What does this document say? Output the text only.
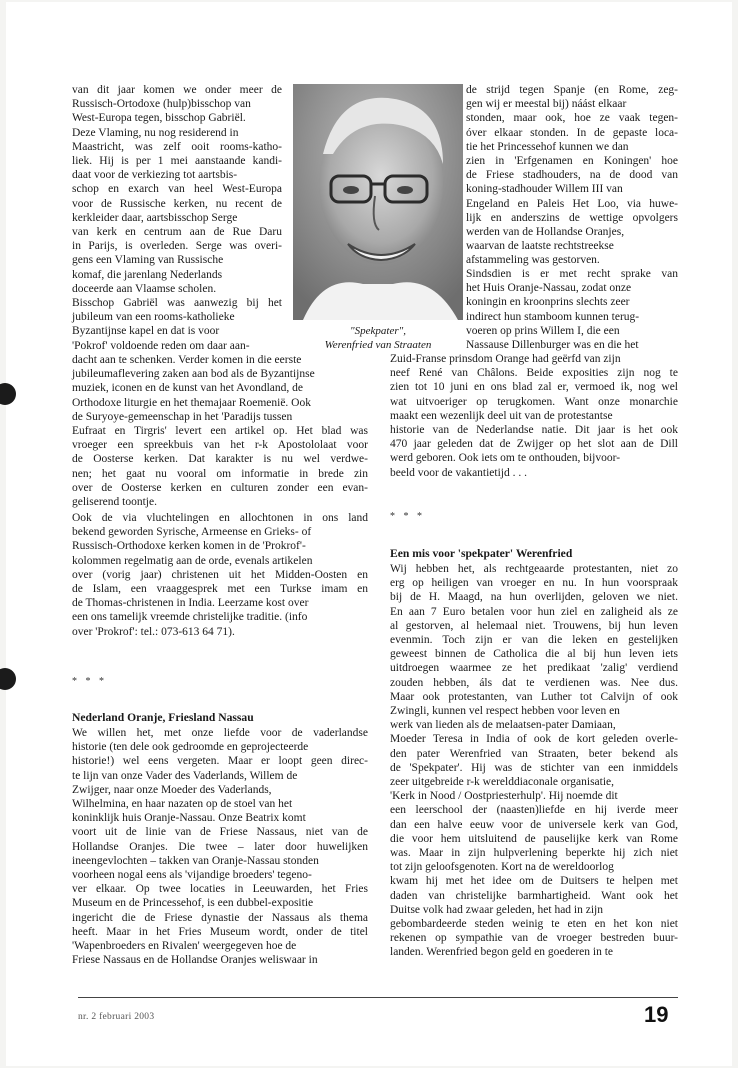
van dit jaar komen we onder meer de
Russisch-Ortodoxe (hulp)bisschop van
West-Europa tegen, bisschop Gabriël.
Deze Vlaming, nu nog residerend in
Maastricht, was zelf ooit rooms-katho-
liek. Hij is per 1 mei aanstaande kandi-
daat voor de verkiezing tot aartsbis-
schop en exarch van heel West-Europa
voor de Russische kerken, nu recent de
kerkleider daar, aartsbisschop Serge
van kerk en centrum aan de Rue Daru
in Parijs, is overleden. Serge was overi-
gens een Vlaming van Russische
komaf, die jarenlang Nederlands
doceerde aan Vlaamse scholen.
Bisschop Gabriël was aanwezig bij het
jubileum van een rooms-katholieke
Byzantijnse kapel en dat is voor
'Pokrof' voldoende reden om daar aan-
"Spekpater",
Werenfried van Straaten
dacht aan te schenken. Verder komen in die eerste
jubileumaflevering zaken aan bod als de Byzantijnse
muziek, iconen en de kunst van het Avondland, de
Orthodoxe liturgie en het themajaar Roemenië. Ook
de Suryoye-gemeenschap in het 'Paradijs tussen
Eufraat en Tirgris' levert een artikel op. Het blad was
vroeger een spreekbuis van het r-k Apostololaat voor
de Oosterse kerken. Dat karakter is nu wel verdwe-
nen; het gaat nu vooral om informatie in brede zin
over de Oosterse kerken en culturen zonder een evan-
geliserend toontje.
Ook de via vluchtelingen en allochtonen in ons land
bekend geworden Syrische, Armeense en Grieks- of
Russisch-Orthodoxe kerken komen in de 'Prokrof'-
kolommen regelmatig aan de orde, evenals artikelen
over (vorig jaar) christenen uit het Midden-Oosten en
de Islam, een vraaggesprek met een Turkse imam en
de Thomas-christenen in India. Leerzame kost over
een ons tamelijk vreemde christelijke traditie. (info
over 'Prokrof': tel.: 073-613 64 71).
* * *
Nederland Oranje, Friesland Nassau
We willen het, met onze liefde voor de vaderlandse
historie (ten dele ook gedroomde en geprojecteerde
historie!) wel eens vergeten. Maar er loopt geen direc-
te lijn van onze Vader des Vaderlands, Willem de
Zwijger, naar onze Moeder des Vaderlands,
Wilhelmina, en haar nazaten op de stoel van het
koninklijk huis Oranje-Nassau. Onze Beatrix komt
voort uit de linie van de Friese Nassaus, niet van de
Hollandse Oranjes. Die twee – later door huwelijken
ineengevlochten – takken van Oranje-Nassau stonden
voorheen nogal eens als 'vijandige broeders' tegeno-
ver elkaar. Op twee locaties in Leeuwarden, het Fries
Museum en de Princessehof, is een dubbel-expositie
ingericht die de Friese dynastie der Nassaus als thema
heeft. Maar in het Fries Museum wordt, onder de titel
'Wapenbroeders en Rivalen' weergegeven hoe de
Friese Nassaus en de Hollandse Oranjes weliswaar in
de strijd tegen Spanje (en Rome, zeg-
gen wij er meestal bij) náást elkaar
stonden, maar ook, hoe ze vaak tegen-
óver elkaar stonden. In de gepaste loca-
tie het Princessehof kunnen we dan
zien in 'Erfgenamen en Koningen' hoe
de Friese stadhouders, na de dood van
koning-stadhouder Willem III van
Engeland en Paleis Het Loo, via huwe-
lijk en anderszins de wettige opvolgers
werden van de Hollandse Oranjes,
waarvan de laatste rechtstreekse
afstammeling was gestorven.
Sindsdien is er met recht sprake van
het Huis Oranje-Nassau, zodat onze
koningin en kroonprins slechts zeer
indirect hun stamboom kunnen terug-
voeren op prins Willem I, die een
Nassause Dillenburger was en die het
Zuid-Franse prinsdom Orange had geërfd van zijn
neef René van Châlons. Beide exposities zijn nog te
zien tot 10 juni en ons blad zal er, vermoed ik, nog wel
wat uitvoeriger op terugkomen. Want onze monarchie
maakt een wezenlijk deel uit van de protestantse
historie van de Nederlandse natie. Dit jaar is het ook
470 jaar geleden dat de Zwijger op het slot aan de Dill
werd geboren. Ook iets om te onthouden, bijvoor-
beeld voor de vakantietijd . . .
* * *
Een mis voor 'spekpater' Werenfried
Wij hebben het, als rechtgeaarde protestanten, niet zo
erg op heiligen van vroeger en nu. In hun voorspraak
bij de H. Maagd, na hun overlijden, geloven we niet.
En aan 7 Euro betalen voor hun ziel en zaligheid als ze
al gestorven, al helemaal niet. Trouwens, bij hun leven
evenmin. Toch zijn er van die leken en gestelijken
geweest binnen de Catholica die al bij hun leven iets
uitdroegen waarmee ze het predikaat 'zalig' verdiend
zouden hebben, áls dat te verdienen was. Nee dus.
Maar ook protestanten, van Luther tot Calvijn of ook
Zwingli, kunnen vel respect hebben voor leven en
werk van lieden als de melaatsen-pater Damiaan,
Moeder Teresa in India of ook de kort geleden overle-
den pater Werenfried van Straaten, beter bekend als
de 'Spekpater'. Hij was de stichter van een inmiddels
zeer uitgebreide r-k werelddiaconale organisatie,
'Kerk in Nood / Oostpriesterhulp'. Hij noemde dit
een leerschool der (naasten)liefde en hij iverde meer
dan een halve eeuw voor de universele kerk van God,
die voor hem uitsluitend de pauselijke kerk van Rome
was. Maar in zijn hulpverlening beperkte hij zich niet
tot zijn geloofsgenoten. Kort na de wereldoorlog
kwam hij met het idee om de Duitsers te helpen met
daden van christelijke barmhartigheid. Want ook het
Duitse volk had zwaar geleden, het had in zijn
gebombardeerde steden weinig te eten en het kon niet
rekenen op sympathie van de vroeger bestreden buur-
landen. Werenfried begon geld en goederen in te
nr. 2 februari 2003	19
